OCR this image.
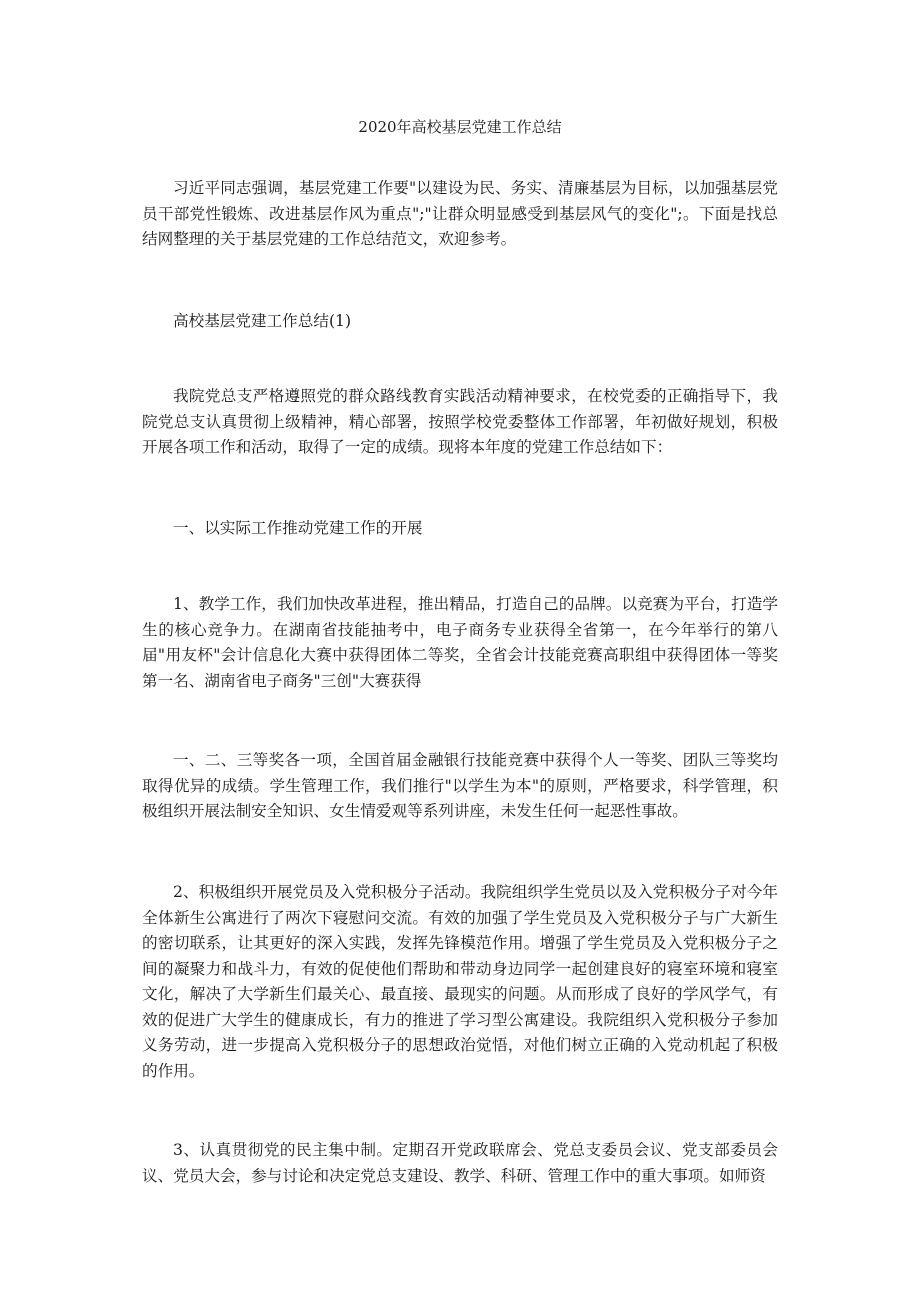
2020年高校基层党建工作总结

习近平同志强调，基层党建工作要"以建设为民、务实、清廉基层为目标，以加强基层党员干部党性锻炼、改进基层作风为重点";"让群众明显感受到基层风气的变化";。下面是找总结网整理的关于基层党建的工作总结范文，欢迎参考。

高校基层党建工作总结(1)

我院党总支严格遵照党的群众路线教育实践活动精神要求，在校党委的正确指导下，我院党总支认真贯彻上级精神，精心部署，按照学校党委整体工作部署，年初做好规划，积极开展各项工作和活动，取得了一定的成绩。现将本年度的党建工作总结如下：

一、以实际工作推动党建工作的开展

1、教学工作，我们加快改革进程，推出精品，打造自己的品牌。以竞赛为平台，打造学生的核心竞争力。在湖南省技能抽考中，电子商务专业获得全省第一，在今年举行的第八届"用友杯"会计信息化大赛中获得团体二等奖，全省会计技能竞赛高职组中获得团体一等奖第一名、湖南省电子商务"三创"大赛获得

一、二、三等奖各一项，全国首届金融银行技能竞赛中获得个人一等奖、团队三等奖均取得优异的成绩。学生管理工作，我们推行"以学生为本"的原则，严格要求，科学管理，积极组织开展法制安全知识、女生情爱观等系列讲座，未发生任何一起恶性事故。

2、积极组织开展党员及入党积极分子活动。我院组织学生党员以及入党积极分子对今年全体新生公寓进行了两次下寝慰问交流。有效的加强了学生党员及入党积极分子与广大新生的密切联系，让其更好的深入实践，发挥先锋模范作用。增强了学生党员及入党积极分子之间的凝聚力和战斗力，有效的促使他们帮助和带动身边同学一起创建良好的寝室环境和寝室文化，解决了大学新生们最关心、最直接、最现实的问题。从而形成了良好的学风学气，有效的促进广大学生的健康成长，有力的推进了学习型公寓建设。我院组织入党积极分子参加义务劳动，进一步提高入党积极分子的思想政治觉悟，对他们树立正确的入党动机起了积极的作用。

3、认真贯彻党的民主集中制。定期召开党政联席会、党总支委员会议、党支部委员会议、党员大会，参与讨论和决定党总支建设、教学、科研、管理工作中的重大事项。如师资
